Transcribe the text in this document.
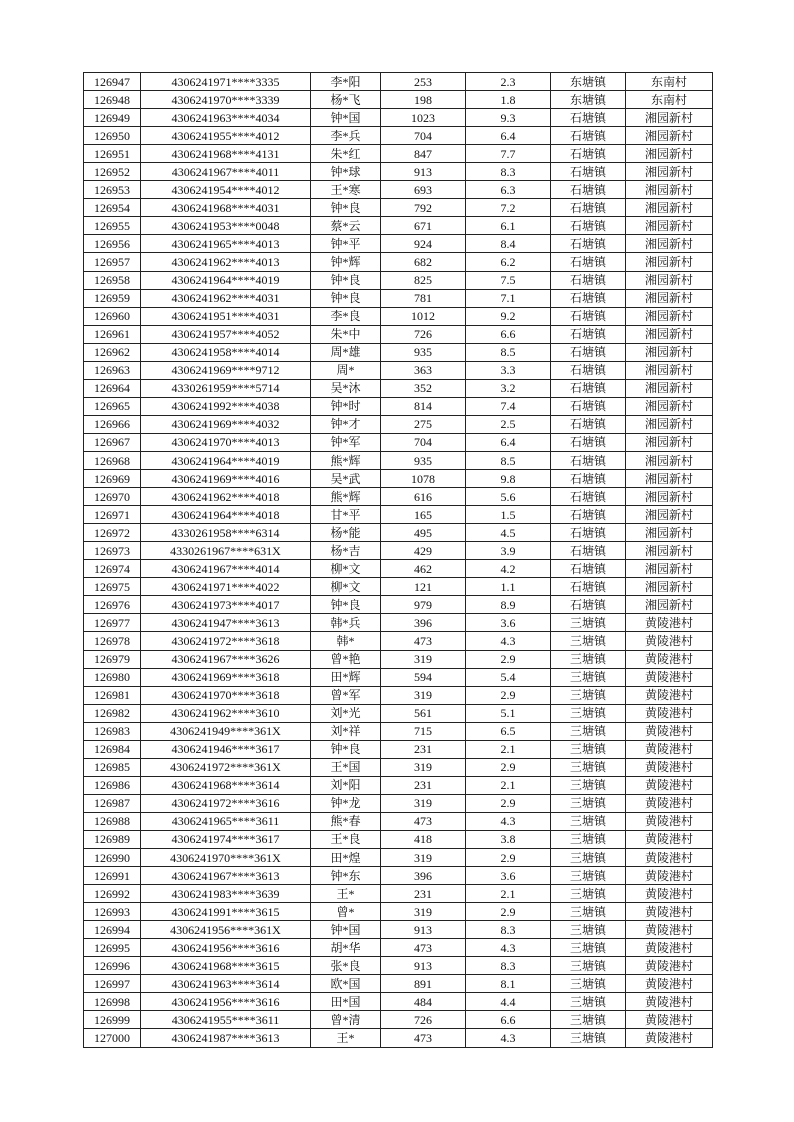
126947	4306241971****3335	李*阳	253	2.3	东塘镇	东南村
126948	4306241970****3339	杨*飞	198	1.8	东塘镇	东南村
126949	4306241963****4034	钟*国	1023	9.3	石塘镇	湘园新村
126950	4306241955****4012	李*兵	704	6.4	石塘镇	湘园新村
126951	4306241968****4131	朱*红	847	7.7	石塘镇	湘园新村
126952	4306241967****4011	钟*球	913	8.3	石塘镇	湘园新村
126953	4306241954****4012	王*寒	693	6.3	石塘镇	湘园新村
126954	4306241968****4031	钟*良	792	7.2	石塘镇	湘园新村
126955	4306241953****0048	蔡*云	671	6.1	石塘镇	湘园新村
126956	4306241965****4013	钟*平	924	8.4	石塘镇	湘园新村
126957	4306241962****4013	钟*辉	682	6.2	石塘镇	湘园新村
126958	4306241964****4019	钟*良	825	7.5	石塘镇	湘园新村
126959	4306241962****4031	钟*良	781	7.1	石塘镇	湘园新村
126960	4306241951****4031	李*良	1012	9.2	石塘镇	湘园新村
126961	4306241957****4052	朱*中	726	6.6	石塘镇	湘园新村
126962	4306241958****4014	周*雄	935	8.5	石塘镇	湘园新村
126963	4306241969****9712	周*	363	3.3	石塘镇	湘园新村
126964	4330261959****5714	吴*沐	352	3.2	石塘镇	湘园新村
126965	4306241992****4038	钟*时	814	7.4	石塘镇	湘园新村
126966	4306241969****4032	钟*才	275	2.5	石塘镇	湘园新村
126967	4306241970****4013	钟*军	704	6.4	石塘镇	湘园新村
126968	4306241964****4019	熊*辉	935	8.5	石塘镇	湘园新村
126969	4306241969****4016	吴*武	1078	9.8	石塘镇	湘园新村
126970	4306241962****4018	熊*辉	616	5.6	石塘镇	湘园新村
126971	4306241964****4018	甘*平	165	1.5	石塘镇	湘园新村
126972	4330261958****6314	杨*能	495	4.5	石塘镇	湘园新村
126973	4330261967****631X	杨*吉	429	3.9	石塘镇	湘园新村
126974	4306241967****4014	柳*文	462	4.2	石塘镇	湘园新村
126975	4306241971****4022	柳*文	121	1.1	石塘镇	湘园新村
126976	4306241973****4017	钟*良	979	8.9	石塘镇	湘园新村
126977	4306241947****3613	韩*兵	396	3.6	三塘镇	黄陵港村
126978	4306241972****3618	韩*	473	4.3	三塘镇	黄陵港村
126979	4306241967****3626	曾*艳	319	2.9	三塘镇	黄陵港村
126980	4306241969****3618	田*辉	594	5.4	三塘镇	黄陵港村
126981	4306241970****3618	曾*军	319	2.9	三塘镇	黄陵港村
126982	4306241962****3610	刘*光	561	5.1	三塘镇	黄陵港村
126983	4306241949****361X	刘*祥	715	6.5	三塘镇	黄陵港村
126984	4306241946****3617	钟*良	231	2.1	三塘镇	黄陵港村
126985	4306241972****361X	王*国	319	2.9	三塘镇	黄陵港村
126986	4306241968****3614	刘*阳	231	2.1	三塘镇	黄陵港村
126987	4306241972****3616	钟*龙	319	2.9	三塘镇	黄陵港村
126988	4306241965****3611	熊*春	473	4.3	三塘镇	黄陵港村
126989	4306241974****3617	王*良	418	3.8	三塘镇	黄陵港村
126990	4306241970****361X	田*煌	319	2.9	三塘镇	黄陵港村
126991	4306241967****3613	钟*东	396	3.6	三塘镇	黄陵港村
126992	4306241983****3639	王*	231	2.1	三塘镇	黄陵港村
126993	4306241991****3615	曾*	319	2.9	三塘镇	黄陵港村
126994	4306241956****361X	钟*国	913	8.3	三塘镇	黄陵港村
126995	4306241956****3616	胡*华	473	4.3	三塘镇	黄陵港村
126996	4306241968****3615	张*良	913	8.3	三塘镇	黄陵港村
126997	4306241963****3614	欧*国	891	8.1	三塘镇	黄陵港村
126998	4306241956****3616	田*国	484	4.4	三塘镇	黄陵港村
126999	4306241955****3611	曾*清	726	6.6	三塘镇	黄陵港村
127000	4306241987****3613	王*	473	4.3	三塘镇	黄陵港村
